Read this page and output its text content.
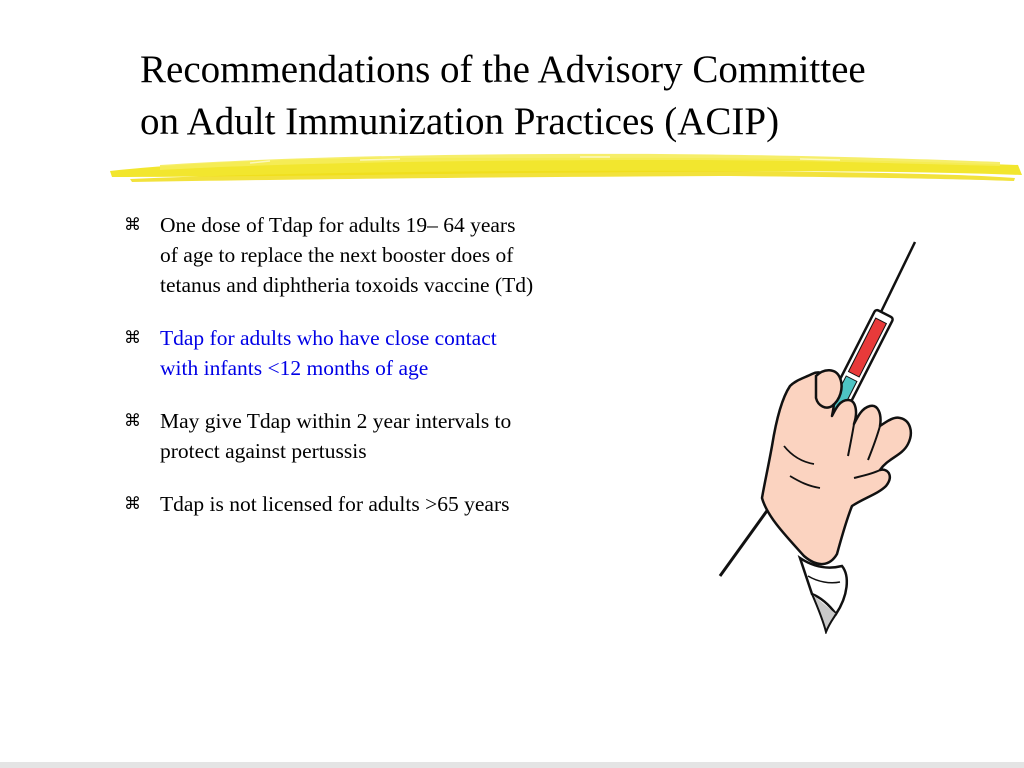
Recommendations of the Advisory Committee
on Adult Immunization Practices (ACIP)
⌘ One dose of Tdap for adults 19– 64 years
of age to replace the next booster does of
tetanus and diphtheria toxoids vaccine (Td)
⌘ Tdap for adults who have close contact
with infants <12 months of age
⌘ May give Tdap within 2 year intervals to
protect against pertussis
⌘ Tdap is not licensed for adults >65 years
